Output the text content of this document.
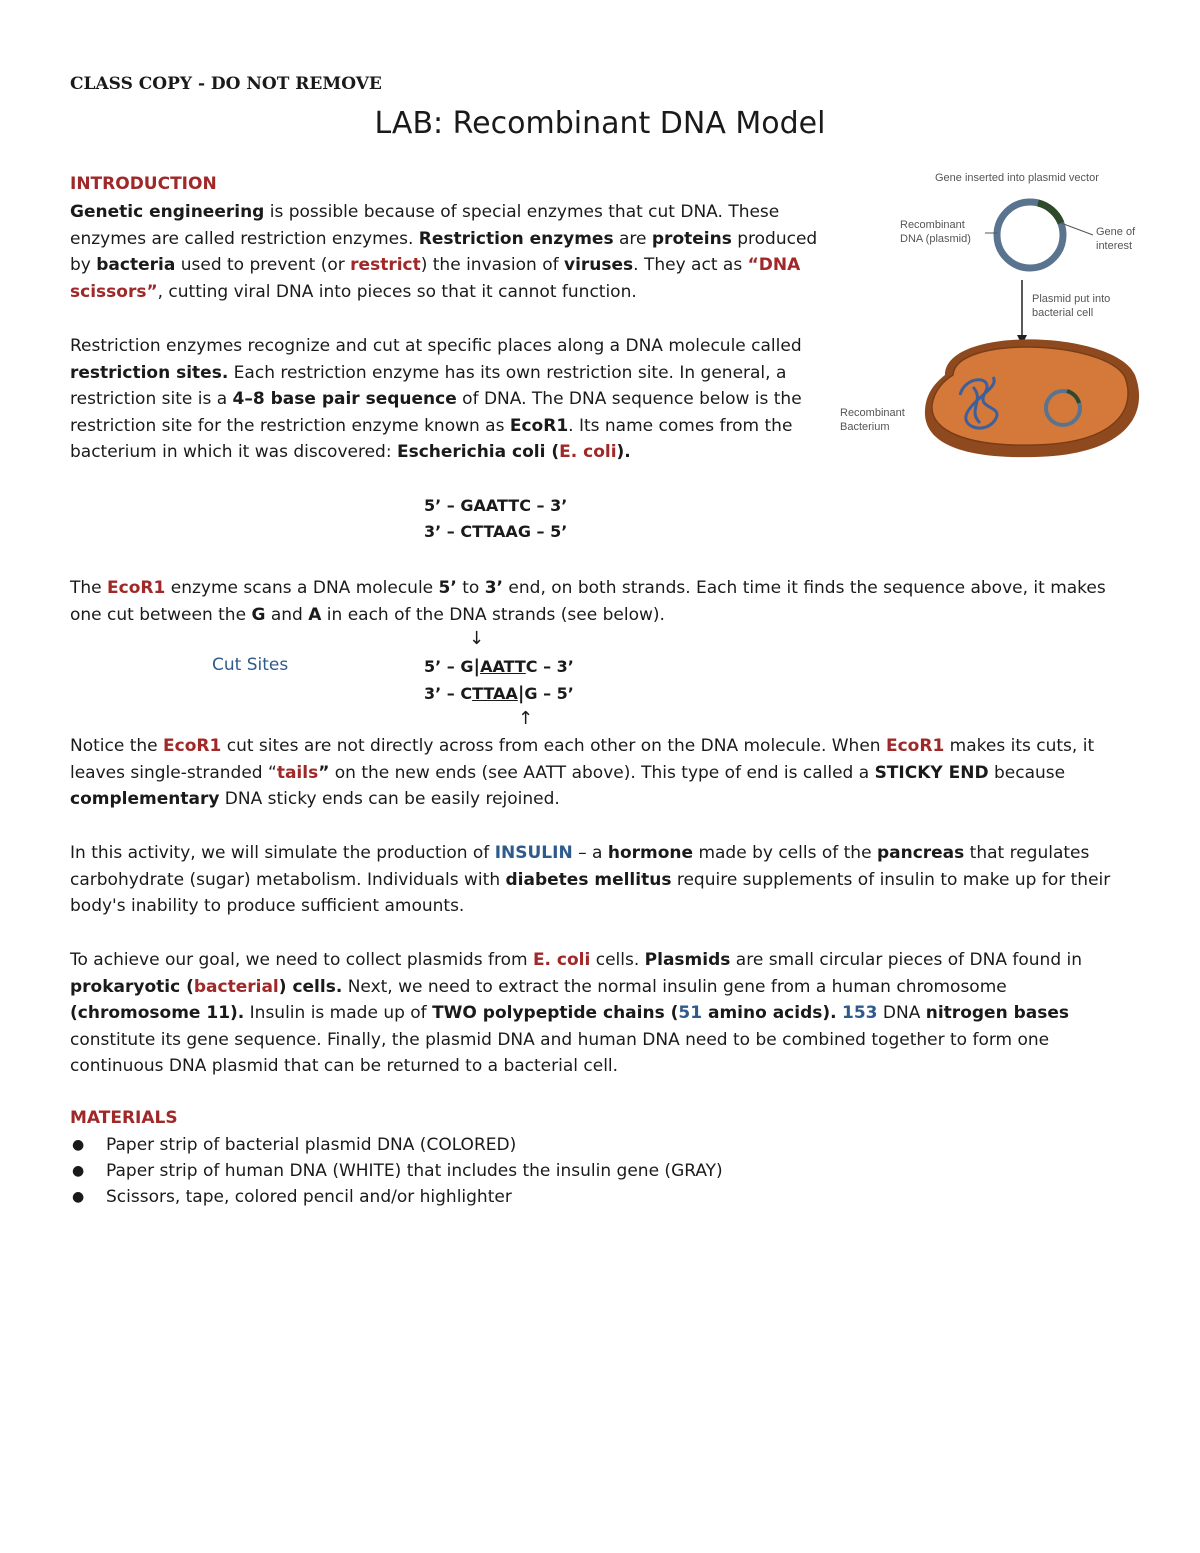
CLASS COPY - DO NOT REMOVE
LAB: Recombinant DNA Model
INTRODUCTION

Genetic engineering is possible because of special enzymes that cut DNA. These enzymes are called restriction enzymes. Restriction enzymes are proteins produced by bacteria used to prevent (or restrict) the invasion of viruses. They act as “DNA scissors”, cutting viral DNA into pieces so that it cannot function.

Restriction enzymes recognize and cut at specific places along a DNA molecule called restriction sites. Each restriction enzyme has its own restriction site. In general, a restriction site is a 4–8 base pair sequence of DNA. The DNA sequence below is the restriction site for the restriction enzyme known as EcoR1. Its name comes from the bacterium in which it was discovered: Escherichia coli (E. coli).

Gene inserted into plasmid vector
Recombinant
DNA (plasmid)
Gene of
interest
Plasmid put into
bacterial cell
Recombinant
Bacterium
5’ – GAATTC – 3’
3’ – CTTAAG – 5’

The EcoR1 enzyme scans a DNA molecule 5’ to 3’ end, on both strands. Each time it finds the sequence above, it makes one cut between the G and A in each of the DNA strands (see below).

↓
Cut Sites	5’ – G|AATTC – 3’
3’ – CTTAA|G – 5’
↑

Notice the EcoR1 cut sites are not directly across from each other on the DNA molecule. When EcoR1 makes its cuts, it leaves single-stranded “tails” on the new ends (see AATT above). This type of end is called a STICKY END because complementary DNA sticky ends can be easily rejoined.

In this activity, we will simulate the production of INSULIN – a hormone made by cells of the pancreas that regulates carbohydrate (sugar) metabolism. Individuals with diabetes mellitus require supplements of insulin to make up for their body's inability to produce sufficient amounts.

To achieve our goal, we need to collect plasmids from E. coli cells. Plasmids are small circular pieces of DNA found in prokaryotic (bacterial) cells. Next, we need to extract the normal insulin gene from a human chromosome (chromosome 11). Insulin is made up of TWO polypeptide chains (51 amino acids). 153 DNA nitrogen bases constitute its gene sequence. Finally, the plasmid DNA and human DNA need to be combined together to form one continuous DNA plasmid that can be returned to a bacterial cell.

MATERIALS
● Paper strip of bacterial plasmid DNA (COLORED)
● Paper strip of human DNA (WHITE) that includes the insulin gene (GRAY)
● Scissors, tape, colored pencil and/or highlighter
